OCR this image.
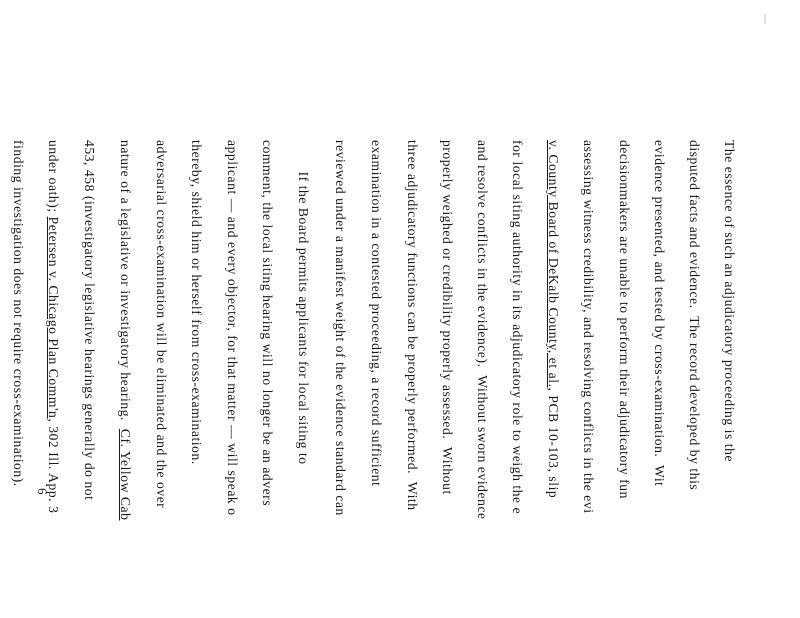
The essence of such an adjudicatory proceeding is the
disputed facts and evidence.  The record developed by this
evidence presented, and tested by cross-examination.  Wit
decisionmakers are unable to perform their adjudicatory fun
assessing witness credibility, and resolving conflicts in the evi
v. County Board of DeKalb County, et al., PCB 10-103, slip
for local siting authority in its adjudicatory role to weigh the e
and resolve conflicts in the evidence).  Without sworn evidence
properly weighed or credibility properly assessed.  Without
three adjudicatory functions can be properly performed.  With
examination in a contested proceeding, a record sufficient
reviewed under a manifest weight of the evidence standard can
If the Board permits applicants for local siting to
comment, the local siting hearing will no longer be an advers
applicant — and every objector, for that matter — will speak o
thereby, shield him or herself from cross-examination.
adversarial cross-examination will be eliminated and the over
nature of a legislative or investigatory hearing.  Cf. Yellow Cab
453, 458 (investigatory legislative hearings generally do not
under oath); Petersen v. Chicago Plan Comm'n, 302 Ill. App. 3
finding investigation does not require cross-examination).
6
